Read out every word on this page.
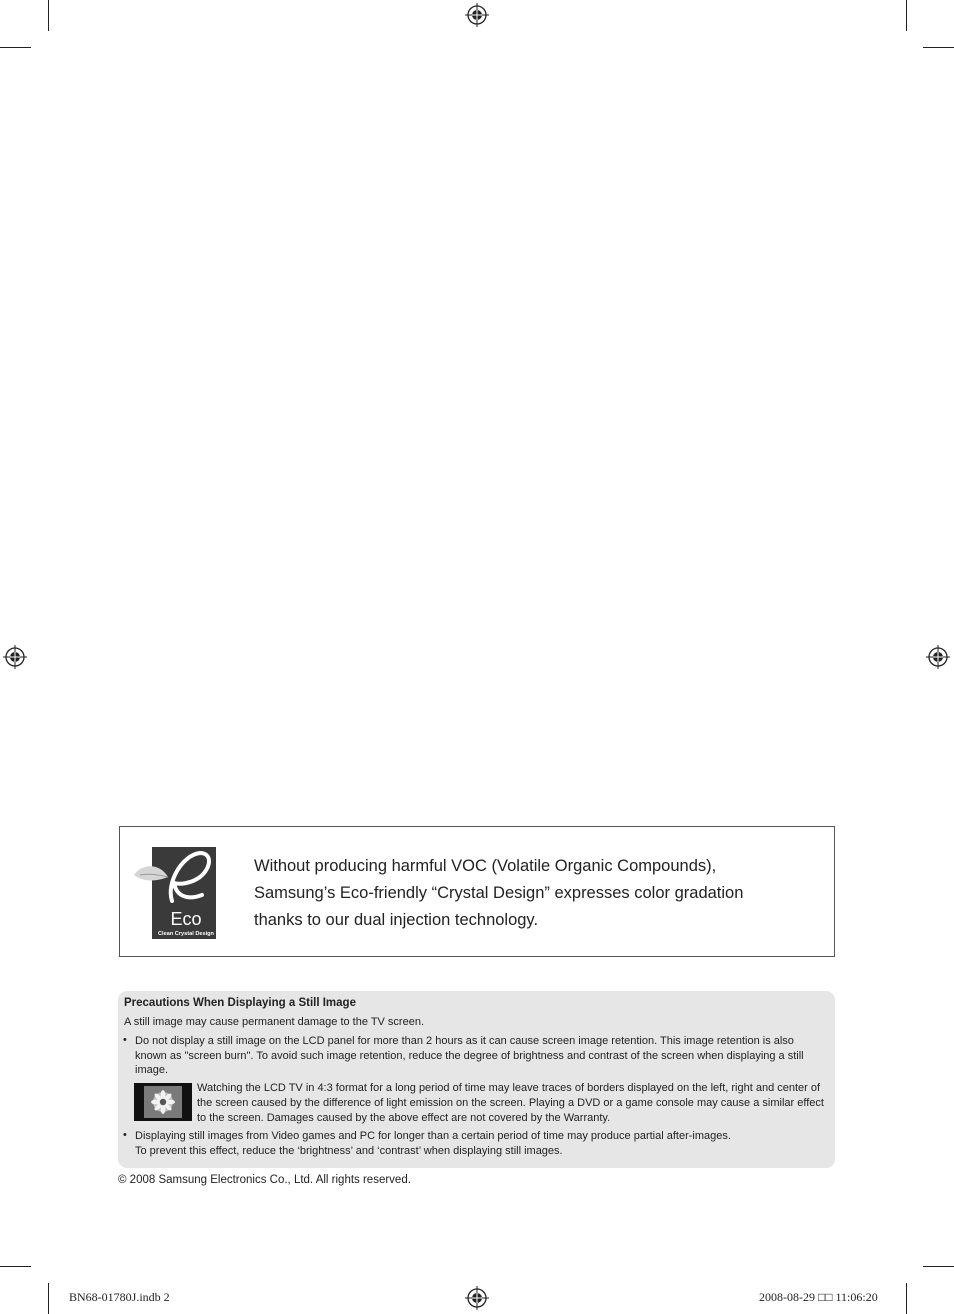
Eco
Clean Crystal Design
Without producing harmful VOC (Volatile Organic Compounds),
Samsung’s Eco-friendly “Crystal Design” expresses color gradation
thanks to our dual injection technology.
Precautions When Displaying a Still Image
A still image may cause permanent damage to the TV screen.
• Do not display a still image on the LCD panel for more than 2 hours as it can cause screen image retention. This image retention is also
known as "screen burn". To avoid such image retention, reduce the degree of brightness and contrast of the screen when displaying a still
image.
Watching the LCD TV in 4:3 format for a long period of time may leave traces of borders displayed on the left, right and center of
the screen caused by the difference of light emission on the screen. Playing a DVD or a game console may cause a similar effect
to the screen. Damages caused by the above effect are not covered by the Warranty.
• Displaying still images from Video games and PC for longer than a certain period of time may produce partial after-images.
To prevent this effect, reduce the ‘brightness’ and ‘contrast’ when displaying still images.
© 2008 Samsung Electronics Co., Ltd. All rights reserved.
BN68-01780J.indb 2	2008-08-29 □□ 11:06:20
